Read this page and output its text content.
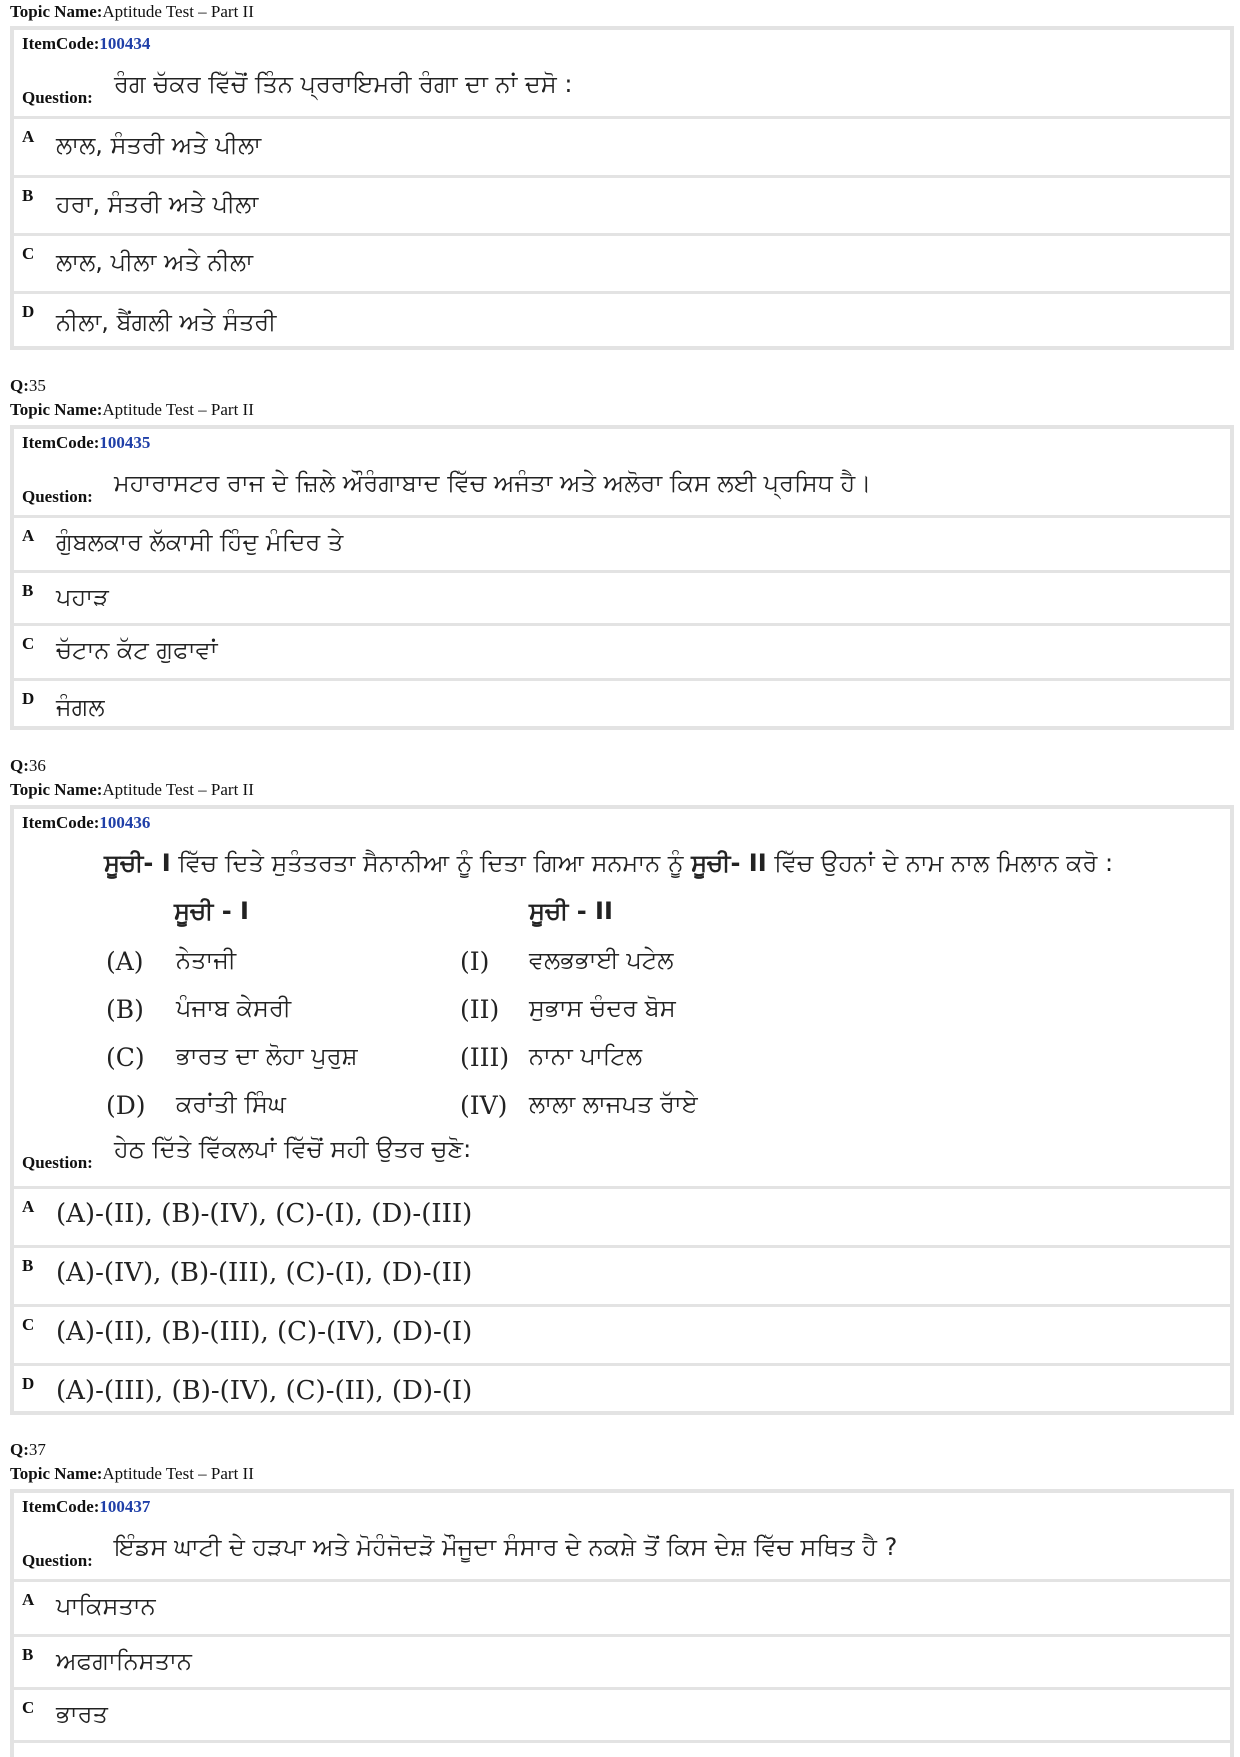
Topic Name:Aptitude Test – Part II
ItemCode:100434
Question: ਰੰਗ ਚੱਕਰ ਵਿੱਚੋਂ ਤਿੰਨ ਪ੍ਰਰਾਇਮਰੀ ਰੰਗਾ ਦਾ ਨਾਂ ਦਸੋ :
A ਲਾਲ, ਸੰਤਰੀ ਅਤੇ ਪੀਲਾ
B ਹਰਾ, ਸੰਤਰੀ ਅਤੇ ਪੀਲਾ
C ਲਾਲ, ਪੀਲਾ ਅਤੇ ਨੀਲਾ
D ਨੀਲਾ, ਬੈਂਗਲੀ ਅਤੇ ਸੰਤਰੀ
Q:35
Topic Name:Aptitude Test – Part II
ItemCode:100435
Question: ਮਹਾਰਾਸਟਰ ਰਾਜ ਦੇ ਜ਼ਿਲੇ ਔਰੰਗਾਬਾਦ ਵਿੱਚ ਅਜੰਤਾ ਅਤੇ ਅਲੋਰਾ ਕਿਸ ਲਈ ਪ੍ਰਸਿਧ ਹੈ।
A ਗੁੰਬਲਕਾਰ ਲੱਕਾਸੀ ਹਿੰਦੁ ਮੰਦਿਰ ਤੇ
B ਪਹਾੜ
C ਚੱਟਾਨ ਕੱਟ ਗੁਫਾਵਾਂ
D ਜੰਗਲ
Q:36
Topic Name:Aptitude Test – Part II
ItemCode:100436
ਸੂਚੀ- I ਵਿੱਚ ਦਿਤੇ ਸੁਤੰਤਰਤਾ ਸੈਨਾਨੀਆ ਨੂੰ ਦਿਤਾ ਗਿਆ ਸਨਮਾਨ ਨੂੰ ਸੂਚੀ- II ਵਿੱਚ ਉਹਨਾਂ ਦੇ ਨਾਮ ਨਾਲ ਮਿਲਾਨ ਕਰੋ :
ਸੂਚੀ - I	ਸੂਚੀ - II
(A) ਨੇਤਾਜੀ	(I) ਵਲਭਭਾਈ ਪਟੇਲ
(B) ਪੰਜਾਬ ਕੇਸਰੀ	(II) ਸੁਭਾਸ ਚੰਦਰ ਬੋਸ
(C) ਭਾਰਤ ਦਾ ਲੋਹਾ ਪੁਰੁਸ਼	(III) ਨਾਨਾ ਪਾਟਿਲ
(D) ਕਰਾਂਤੀ ਸਿੰਘ	(IV) ਲਾਲਾ ਲਾਜਪਤ ਰਾੱਏ
Question: ਹੇਠ ਦਿੱਤੇ ਵਿੱਕਲਪਾਂ ਵਿੱਚੋਂ ਸਹੀ ਉਤਰ ਚੁਣੋ:
A (A)-(II), (B)-(IV), (C)-(I), (D)-(III)
B (A)-(IV), (B)-(III), (C)-(I), (D)-(II)
C (A)-(II), (B)-(III), (C)-(IV), (D)-(I)
D (A)-(III), (B)-(IV), (C)-(II), (D)-(I)
Q:37
Topic Name:Aptitude Test – Part II
ItemCode:100437
Question: ਇੰਡਸ ਘਾਟੀ ਦੇ ਹੜਪਾ ਅਤੇ ਮੋਹੰਜੋਦੜੋ ਮੌਜੂਦਾ ਸੰਸਾਰ ਦੇ ਨਕਸ਼ੇ ਤੋਂ ਕਿਸ ਦੇਸ਼ ਵਿੱਚ ਸਥਿਤ ਹੈ ?
A ਪਾਕਿਸਤਾਨ
B ਅਫਗਾਨਿਸਤਾਨ
C ਭਾਰਤ
